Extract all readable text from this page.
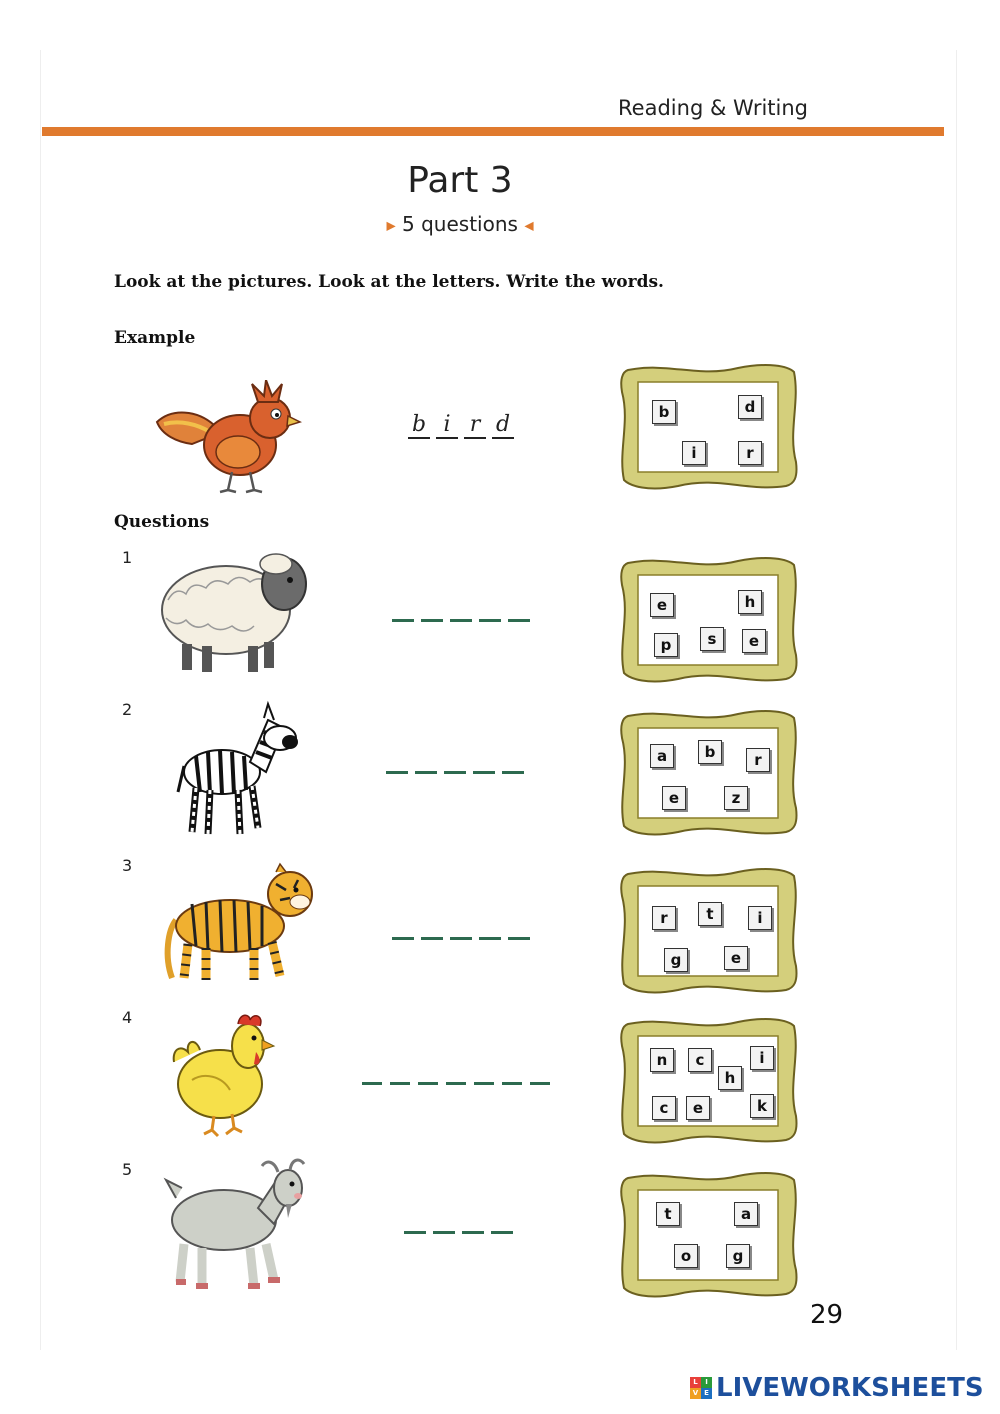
Reading & Writing
Part 3
▶ 5 questions ◀
Look at the pictures. Look at the letters. Write the words.
Example
b i r d	b	d
i	r
Questions
1
e	h
p	s	e
2
a	b	r
e	z
3
r	t	i
g	e
4
n	c	i
h
c	e	k
5
t	a
o	g
29
L	I
V E LIVEWORKSHEETS
